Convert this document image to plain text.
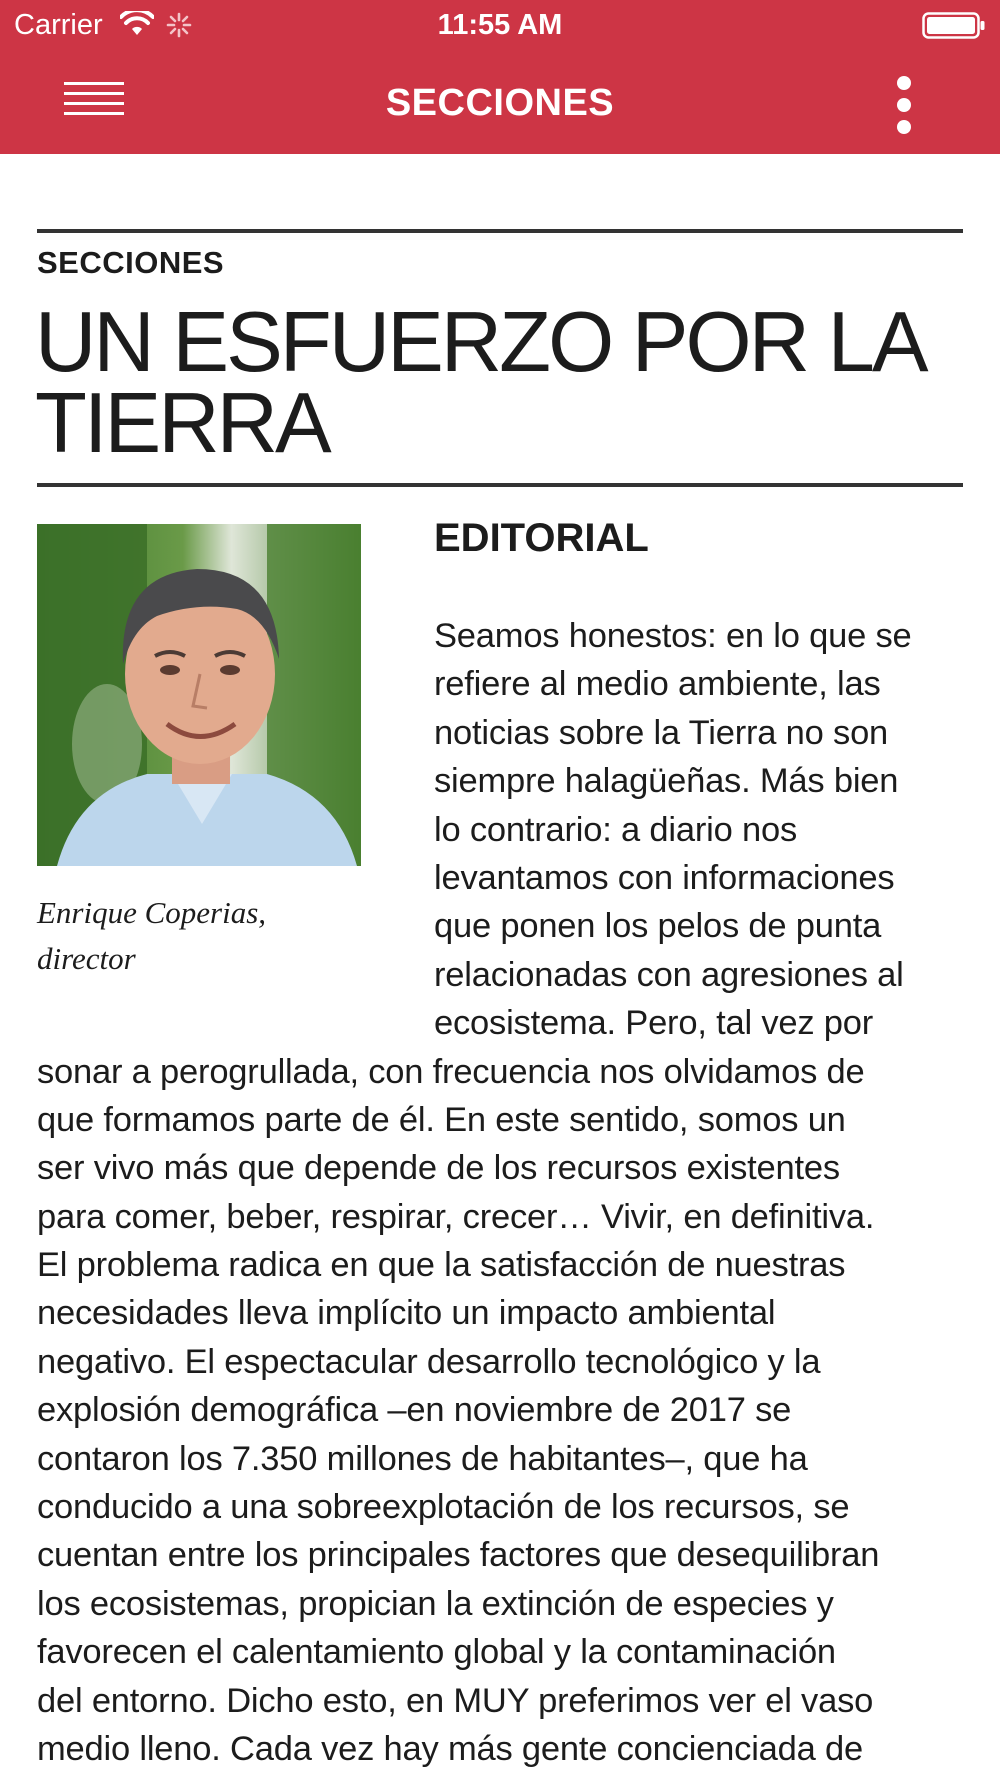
Carrier	11:55 AM
SECCIONES
SECCIONES
UN ESFUERZO POR LA
TIERRA
Enrique Coperias,
director
EDITORIAL
Seamos honestos: en lo que se
refiere al medio ambiente, las
noticias sobre la Tierra no son
siempre halagüeñas. Más bien
lo contrario: a diario nos
levantamos con informaciones
que ponen los pelos de punta
relacionadas con agresiones al
ecosistema. Pero, tal vez por
sonar a perogrullada, con frecuencia nos olvidamos de
que formamos parte de él. En este sentido, somos un
ser vivo más que depende de los recursos existentes
para comer, beber, respirar, crecer… Vivir, en definitiva.
El problema radica en que la satisfacción de nuestras
necesidades lleva implícito un impacto ambiental
negativo. El espectacular desarrollo tecnológico y la
explosión demográfica –en noviembre de 2017 se
contaron los 7.350 millones de habitantes–, que ha
conducido a una sobreexplotación de los recursos, se
cuentan entre los principales factores que desequilibran
los ecosistemas, propician la extinción de especies y
favorecen el calentamiento global y la contaminación
del entorno. Dicho esto, en MUY preferimos ver el vaso
medio lleno. Cada vez hay más gente concienciada de
